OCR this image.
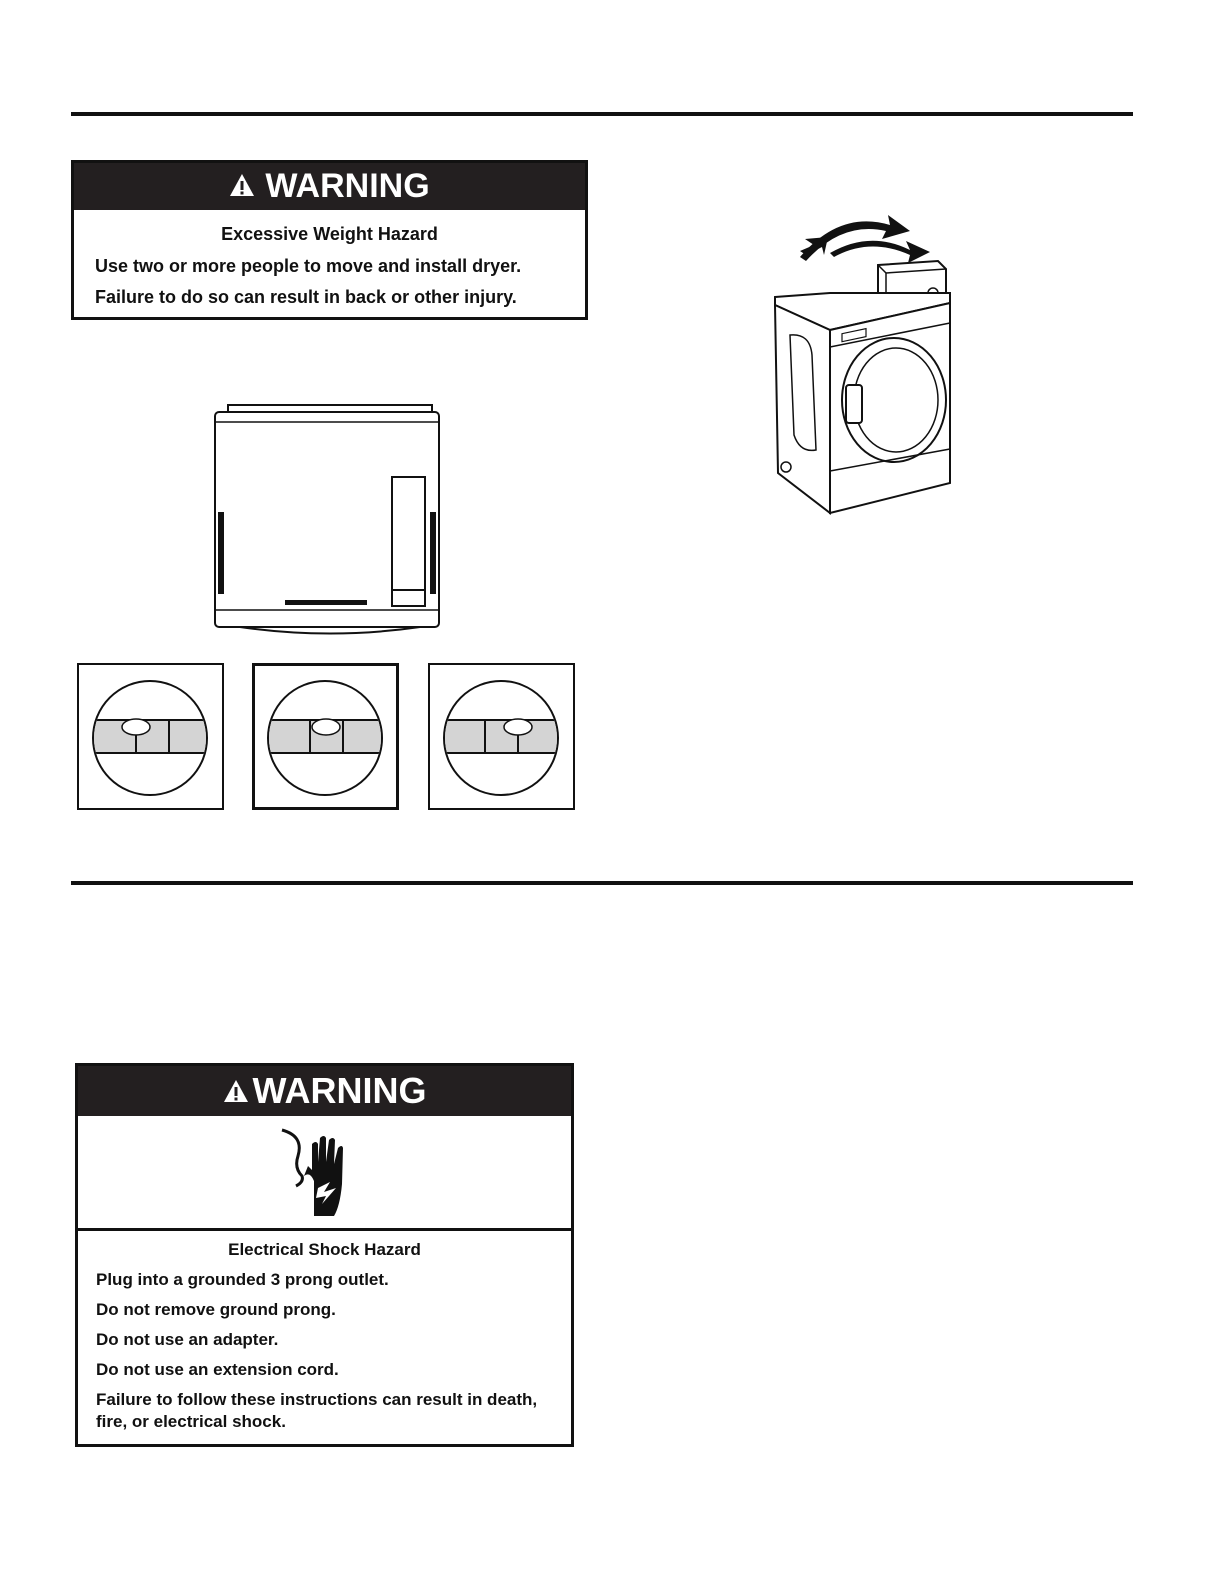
WARNING
Excessive Weight Hazard
Use two or more people to move and install dryer.
Failure to do so can result in back or other injury.
WARNING
Electrical Shock Hazard
Plug into a grounded 3 prong outlet.
Do not remove ground prong.
Do not use an adapter.
Do not use an extension cord.
Failure to follow these instructions can result in death,
fire, or electrical shock.
